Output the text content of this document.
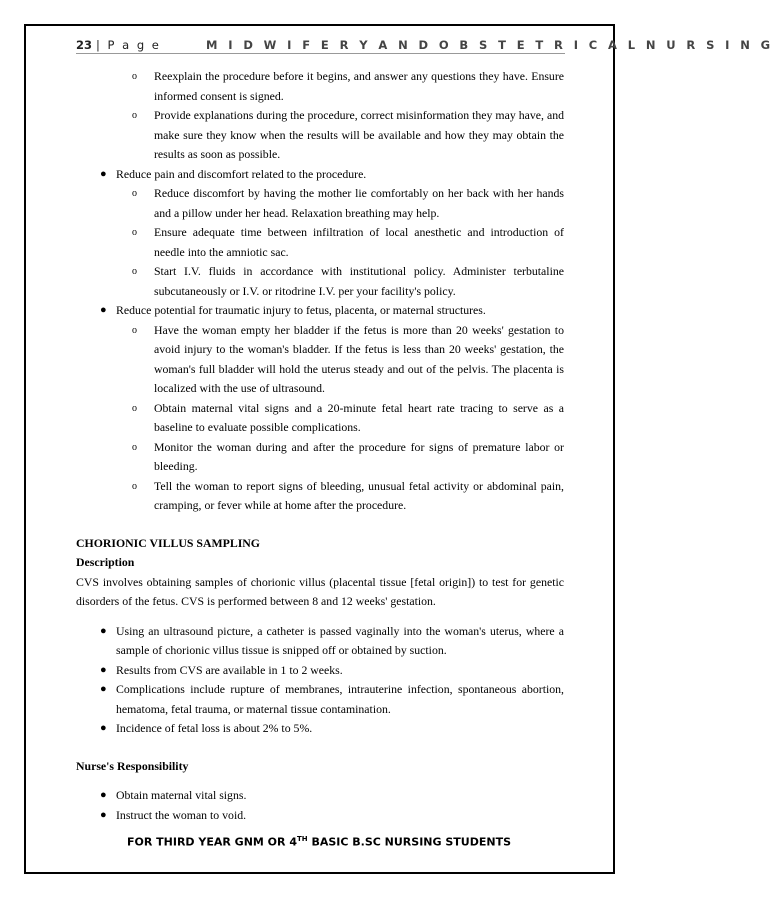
23 | P a g e	M I D W I F E R Y A N D O B S T E T R I C A L N U R S I N G
o Reexplain the procedure before it begins, and answer any questions they have. Ensure informed consent is signed.
o Provide explanations during the procedure, correct misinformation they may have, and make sure they know when the results will be available and how they may obtain the results as soon as possible.
● Reduce pain and discomfort related to the procedure.
o Reduce discomfort by having the mother lie comfortably on her back with her hands and a pillow under her head. Relaxation breathing may help.
o Ensure adequate time between infiltration of local anesthetic and introduction of needle into the amniotic sac.
o Start I.V. fluids in accordance with institutional policy. Administer terbutaline subcutaneously or I.V. or ritodrine I.V. per your facility's policy.
● Reduce potential for traumatic injury to fetus, placenta, or maternal structures.
o Have the woman empty her bladder if the fetus is more than 20 weeks' gestation to avoid injury to the woman's bladder. If the fetus is less than 20 weeks' gestation, the woman's full bladder will hold the uterus steady and out of the pelvis. The placenta is localized with the use of ultrasound.
o Obtain maternal vital signs and a 20-minute fetal heart rate tracing to serve as a baseline to evaluate possible complications.
o Monitor the woman during and after the procedure for signs of premature labor or bleeding.
o Tell the woman to report signs of bleeding, unusual fetal activity or abdominal pain, cramping, or fever while at home after the procedure.
CHORIONIC VILLUS SAMPLING
Description
CVS involves obtaining samples of chorionic villus (placental tissue [fetal origin]) to test for genetic disorders of the fetus. CVS is performed between 8 and 12 weeks' gestation.
● Using an ultrasound picture, a catheter is passed vaginally into the woman's uterus, where a sample of chorionic villus tissue is snipped off or obtained by suction.
● Results from CVS are available in 1 to 2 weeks.
● Complications include rupture of membranes, intrauterine infection, spontaneous abortion, hematoma, fetal trauma, or maternal tissue contamination.
● Incidence of fetal loss is about 2% to 5%.
Nurse's Responsibility
● Obtain maternal vital signs.
● Instruct the woman to void.
FOR THIRD YEAR GNM OR 4TH BASIC B.SC NURSING STUDENTS
